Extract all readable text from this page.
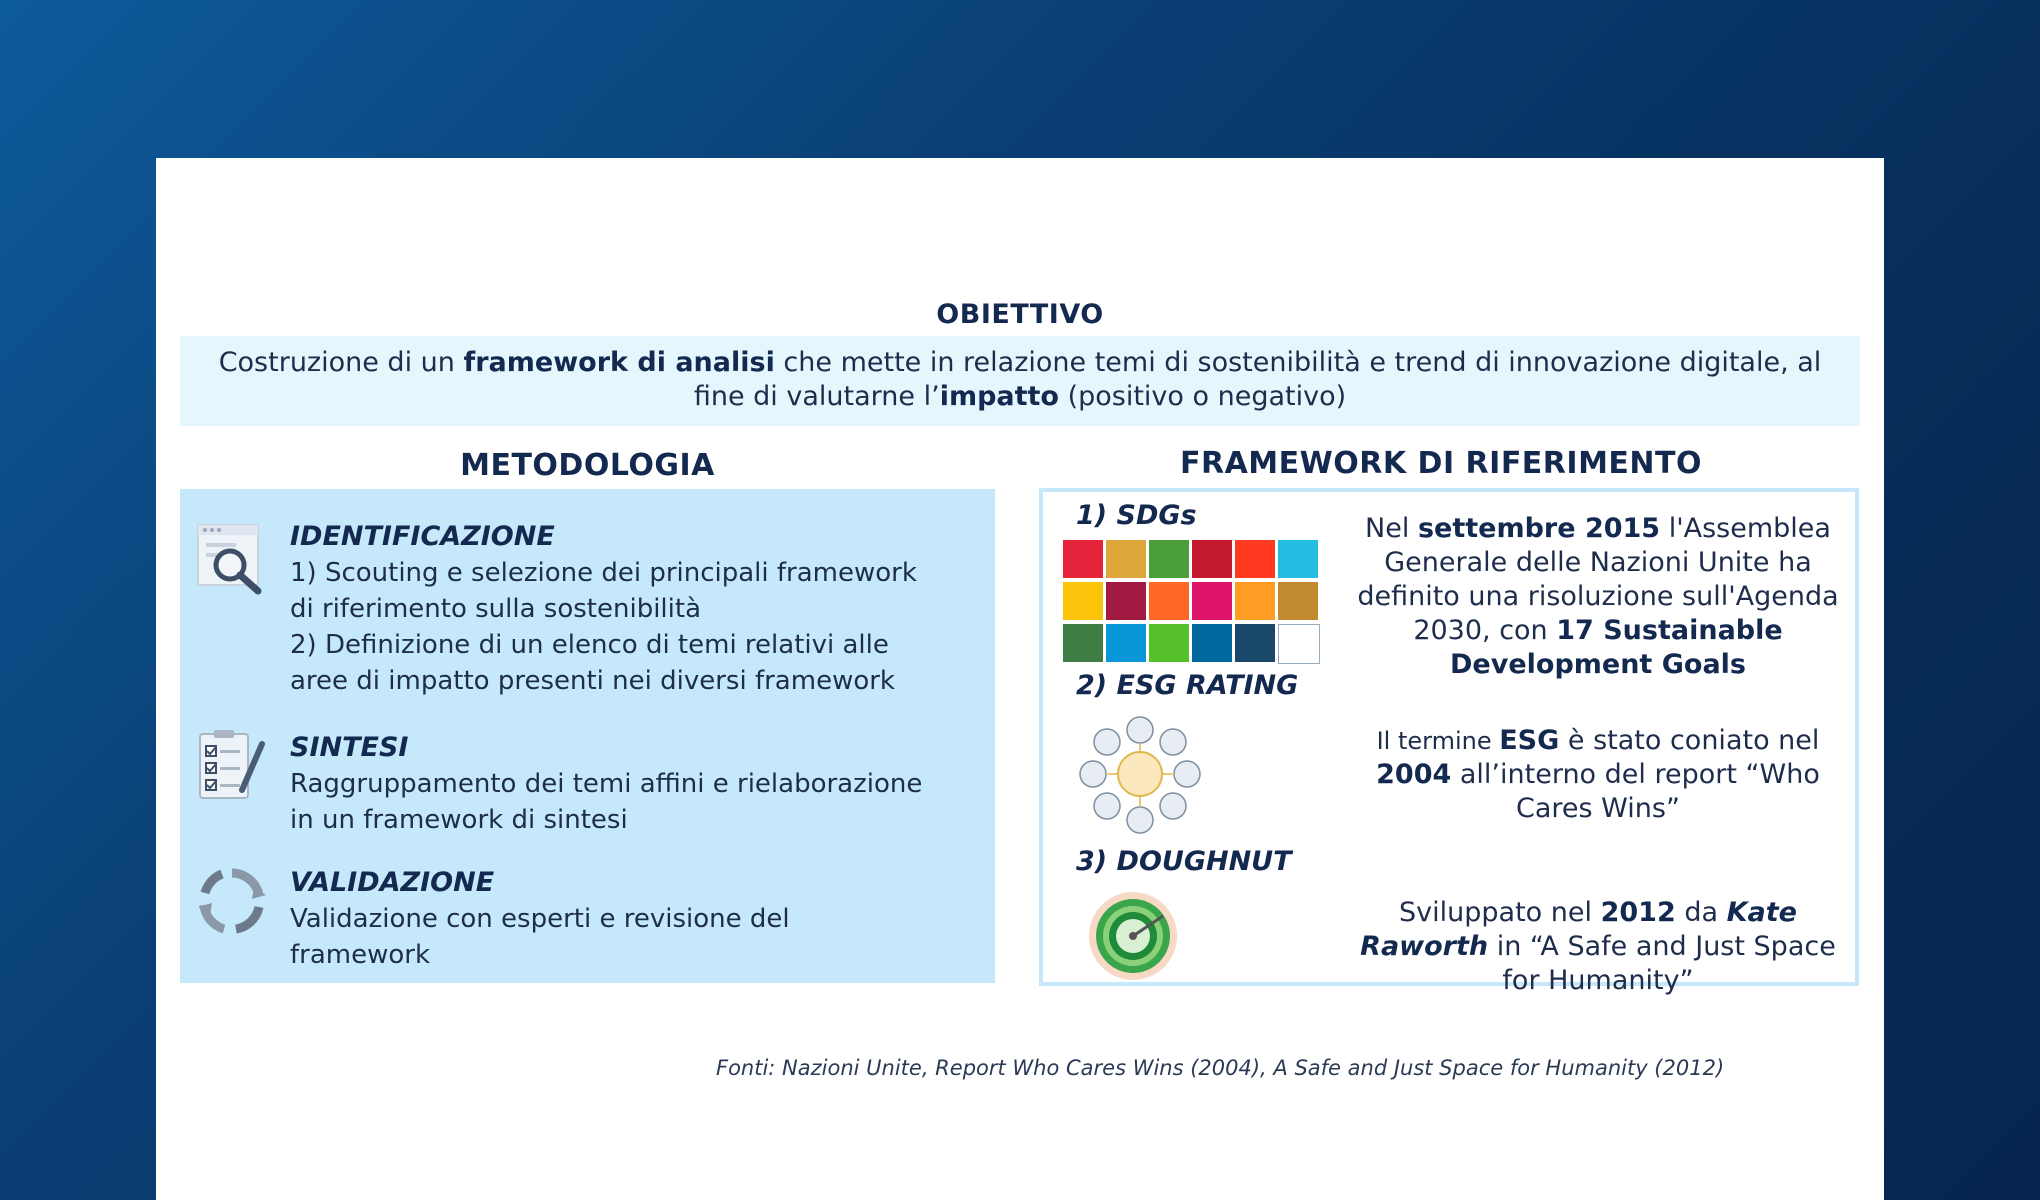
OBIETTIVO
Costruzione di un framework di analisi che mette in relazione temi di sostenibilità e trend di innovazione digitale, al fine di valutarne l’impatto (positivo o negativo)
METODOLOGIA	FRAMEWORK DI RIFERIMENTO
IDENTIFICAZIONE
1) Scouting e selezione dei principali framework
di riferimento sulla sostenibilità
2) Definizione di un elenco di temi relativi alle
aree di impatto presenti nei diversi framework
SINTESI
Raggruppamento dei temi affini e rielaborazione
in un framework di sintesi
VALIDAZIONE
Validazione con esperti e revisione del
framework
1) SDGs	Nel settembre 2015 l'Assemblea Generale delle Nazioni Unite ha definito una risoluzione sull'Agenda 2030, con 17 Sustainable Development Goals
2) ESG RATING
Il termine ESG è stato coniato nel 2004 all’interno del report “Who Cares Wins”
3) DOUGHNUT
Sviluppato nel 2012 da Kate Raworth in “A Safe and Just Space for Humanity”
Fonti: Nazioni Unite, Report Who Cares Wins (2004), A Safe and Just Space for Humanity (2012)
